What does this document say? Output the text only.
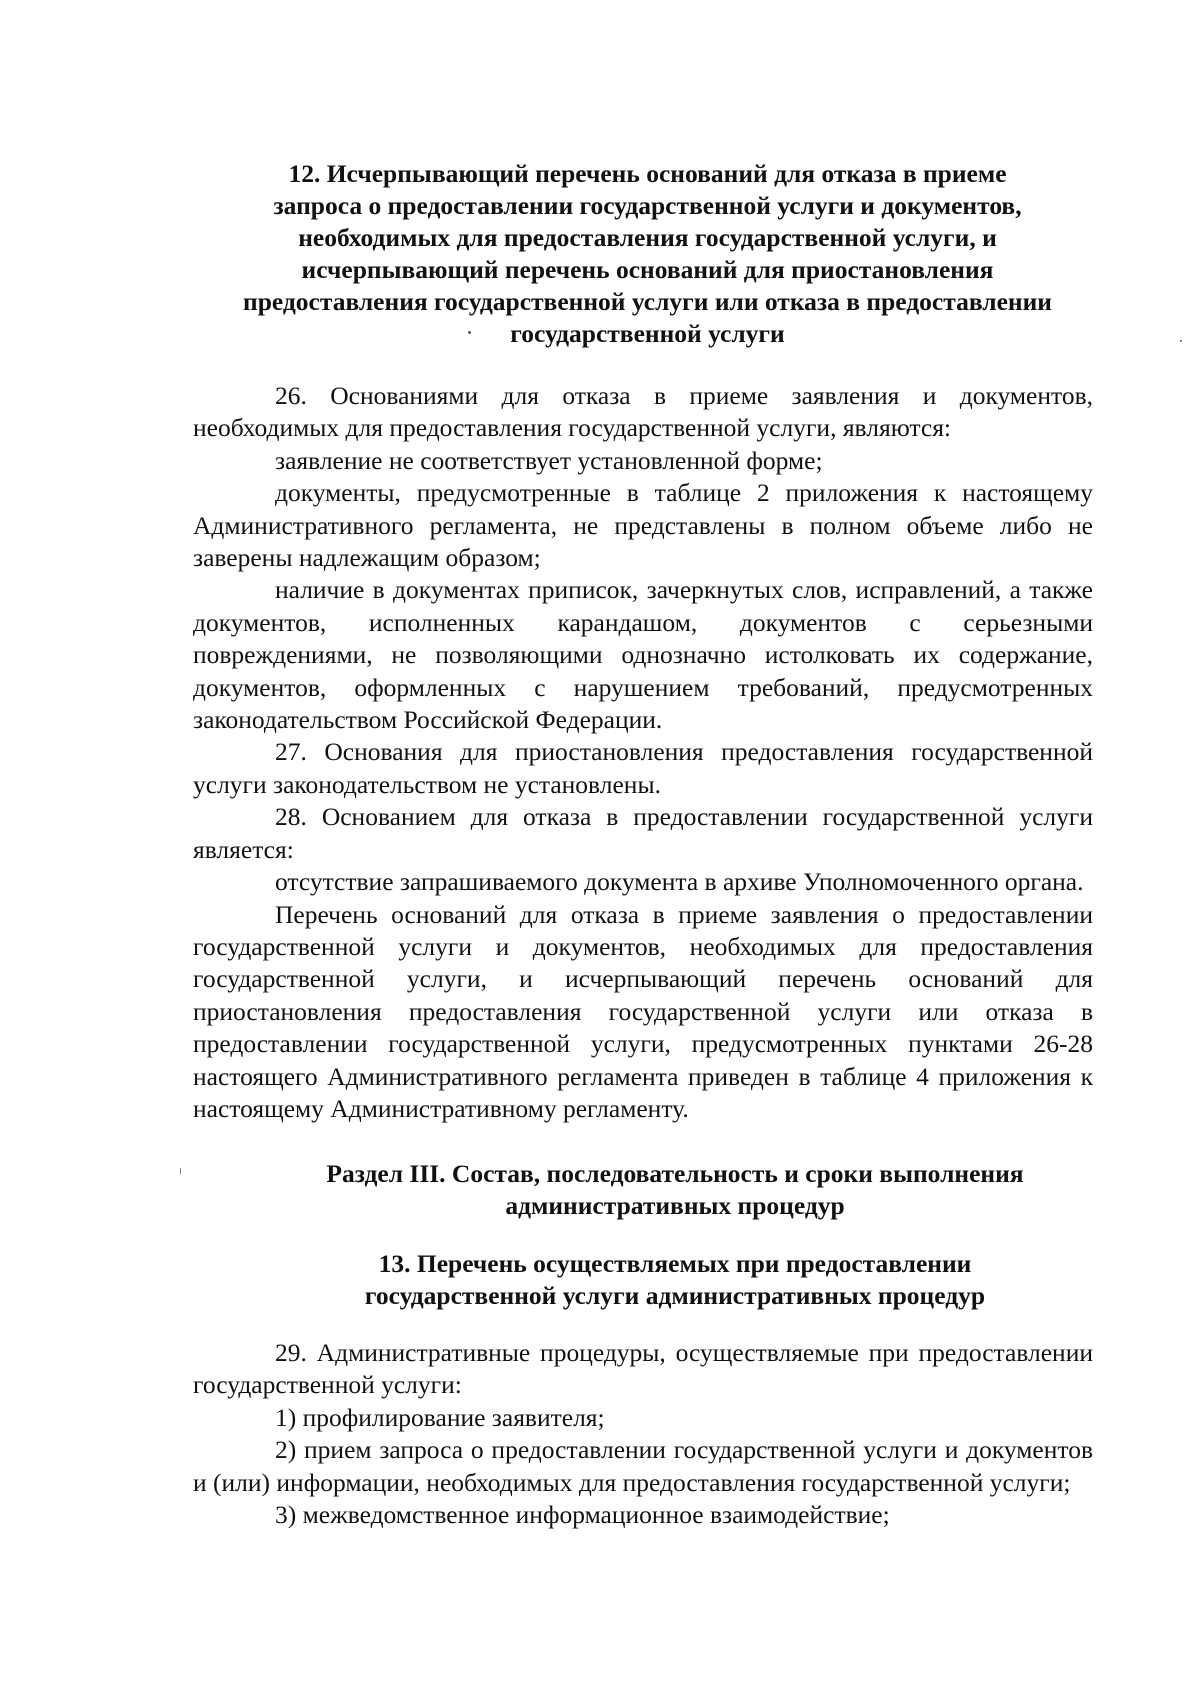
12. Исчерпывающий перечень оснований для отказа в приеме
запроса о предоставлении государственной услуги и документов,
необходимых для предоставления государственной услуги, и
исчерпывающий перечень оснований для приостановления
предоставления государственной услуги или отказа в предоставлении
государственной услуги

26. Основаниями для отказа в приеме заявления и документов, необходимых для предоставления государственной услуги, являются:

заявление не соответствует установленной форме;

документы, предусмотренные в таблице 2 приложения к настоящему Административного регламента, не представлены в полном объеме либо не заверены надлежащим образом;

наличие в документах приписок, зачеркнутых слов, исправлений, а также документов, исполненных карандашом, документов с серьезными повреждениями, не позволяющими однозначно истолковать их содержание, документов, оформленных с нарушением требований, предусмотренных законодательством Российской Федерации.

27. Основания для приостановления предоставления государственной услуги законодательством не установлены.

28. Основанием для отказа в предоставлении государственной услуги является:

отсутствие запрашиваемого документа в архиве Уполномоченного органа.

Перечень оснований для отказа в приеме заявления о предоставлении государственной услуги и документов, необходимых для предоставления государственной услуги, и исчерпывающий перечень оснований для приостановления предоставления государственной услуги или отказа в предоставлении государственной услуги, предусмотренных пунктами 26-28 настоящего Административного регламента приведен в таблице 4 приложения к настоящему Административному регламенту.

Раздел III. Состав, последовательность и сроки выполнения
административных процедур
13. Перечень осуществляемых при предоставлении
государственной услуги административных процедур

29. Административные процедуры, осуществляемые при предоставлении государственной услуги:

1) профилирование заявителя;

2) прием запроса о предоставлении государственной услуги и документов и (или) информации, необходимых для предоставления государственной услуги;

3) межведомственное информационное взаимодействие;
